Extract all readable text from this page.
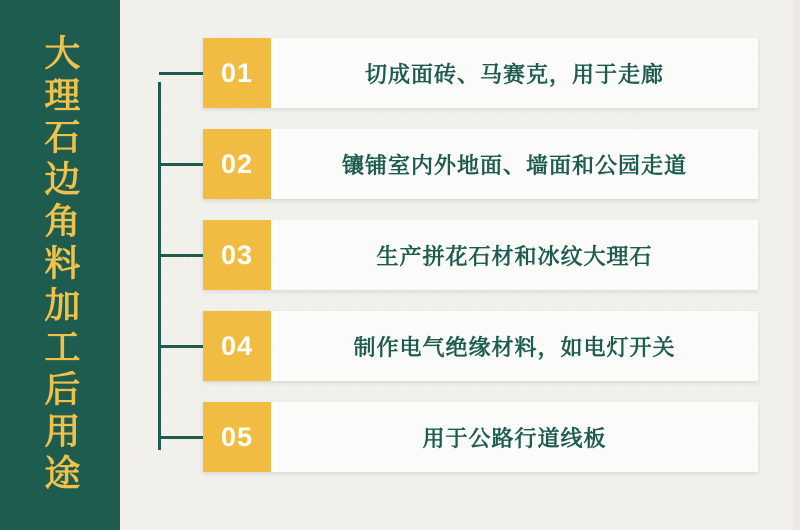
大理石边角料加工后用途	01	切成面砖、马赛克，用于走廊
02	镶铺室内外地面、墙面和公园走道
03	生产拼花石材和冰纹大理石
04	制作电气绝缘材料，如电灯开关
05	用于公路行道线板
